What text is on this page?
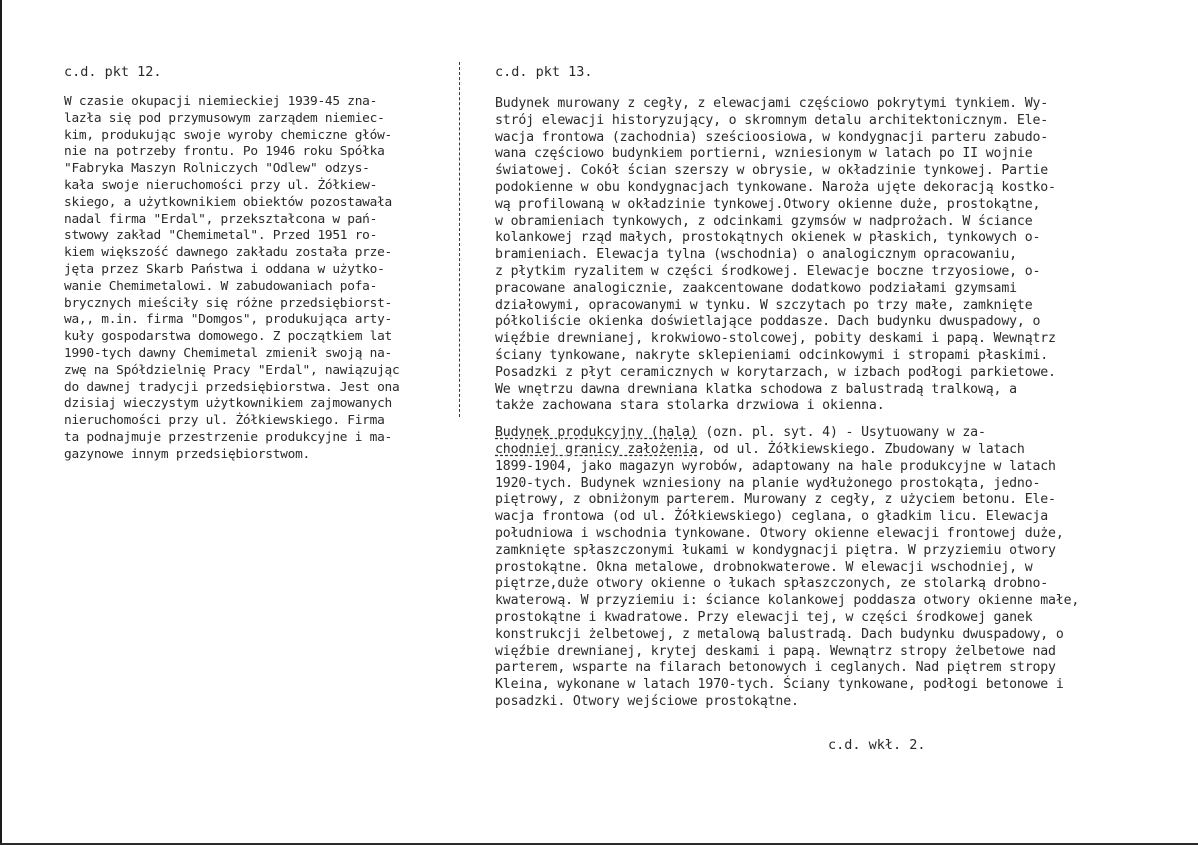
c.d. pkt 12.
W czasie okupacji niemieckiej 1939-45 zna-
lazła się pod przymusowym zarządem niemiec-
kim, produkując swoje wyroby chemiczne głów-
nie na potrzeby frontu. Po 1946 roku Spółka
"Fabryka Maszyn Rolniczych "Odlew" odzys-
kała swoje nieruchomości przy ul. Żółkiew-
skiego, a użytkownikiem obiektów pozostawała
nadal firma "Erdal", przekształcona w pań-
stwowy zakład "Chemimetal". Przed 1951 ro-
kiem większość dawnego zakładu została prze-
jęta przez Skarb Państwa i oddana w użytko-
wanie Chemimetalowi. W zabudowaniach pofa-
brycznych mieściły się różne przedsiębiorst-
wa,, m.in. firma "Domgos", produkująca arty-
kuły gospodarstwa domowego. Z początkiem lat
1990-tych dawny Chemimetal zmienił swoją na-
zwę na Spółdzielnię Pracy "Erdal", nawiązując
do dawnej tradycji przedsiębiorstwa. Jest ona
dzisiaj wieczystym użytkownikiem zajmowanych
nieruchomości przy ul. Żółkiewskiego. Firma
ta podnajmuje przestrzenie produkcyjne i ma-
gazynowe innym przedsiębiorstwom.
c.d. pkt 13.
Budynek murowany z cegły, z elewacjami częściowo pokrytymi tynkiem. Wy-
strój elewacji historyzujący, o skromnym detalu architektonicznym. Ele-
wacja frontowa (zachodnia) sześcioosiowa, w kondygnacji parteru zabudo-
wana częściowo budynkiem portierni, wzniesionym w latach po II wojnie
światowej. Cokół ścian szerszy w obrysie, w okładzinie tynkowej. Partie
podokienne w obu kondygnacjach tynkowane. Naroża ujęte dekoracją kostko-
wą profilowaną w okładzinie tynkowej.Otwory okienne duże, prostokątne,
w obramieniach tynkowych, z odcinkami gzymsów w nadprożach. W ściance
kolankowej rząd małych, prostokątnych okienek w płaskich, tynkowych o-
bramieniach. Elewacja tylna (wschodnia) o analogicznym opracowaniu,
z płytkim ryzalitem w części środkowej. Elewacje boczne trzyosiowe, o-
pracowane analogicznie, zaakcentowane dodatkowo podziałami gzymsami
działowymi, opracowanymi w tynku. W szczytach po trzy małe, zamknięte
półkoliście okienka doświetlające poddasze. Dach budynku dwuspadowy, o
więźbie drewnianej, krokwiowo-stolcowej, pobity deskami i papą. Wewnątrz
ściany tynkowane, nakryte sklepieniami odcinkowymi i stropami płaskimi.
Posadzki z płyt ceramicznych w korytarzach, w izbach podłogi parkietowe.
We wnętrzu dawna drewniana klatka schodowa z balustradą tralkową, a
także zachowana stara stolarka drzwiowa i okienna.
Budynek produkcyjny (hala) (ozn. pl. syt. 4) - Usytuowany w za-
chodniej granicy założenia, od ul. Żółkiewskiego. Zbudowany w latach
1899-1904, jako magazyn wyrobów, adaptowany na hale produkcyjne w latach
1920-tych. Budynek wzniesiony na planie wydłużonego prostokąta, jedno-
piętrowy, z obniżonym parterem. Murowany z cegły, z użyciem betonu. Ele-
wacja frontowa (od ul. Żółkiewskiego) ceglana, o gładkim licu. Elewacja
południowa i wschodnia tynkowane. Otwory okienne elewacji frontowej duże,
zamknięte spłaszczonymi łukami w kondygnacji piętra. W przyziemiu otwory
prostokątne. Okna metalowe, drobnokwaterowe. W elewacji wschodniej, w
piętrze,duże otwory okienne o łukach spłaszczonych, ze stolarką drobno-
kwaterową. W przyziemiu i: ściance kolankowej poddasza otwory okienne małe,
prostokątne i kwadratowe. Przy elewacji tej, w części środkowej ganek
konstrukcji żelbetowej, z metalową balustradą. Dach budynku dwuspadowy, o
więźbie drewnianej, krytej deskami i papą. Wewnątrz stropy żelbetowe nad
parterem, wsparte na filarach betonowych i ceglanych. Nad piętrem stropy
Kleina, wykonane w latach 1970-tych. Ściany tynkowane, podłogi betonowe i
posadzki. Otwory wejściowe prostokątne.
c.d. wkł. 2.
